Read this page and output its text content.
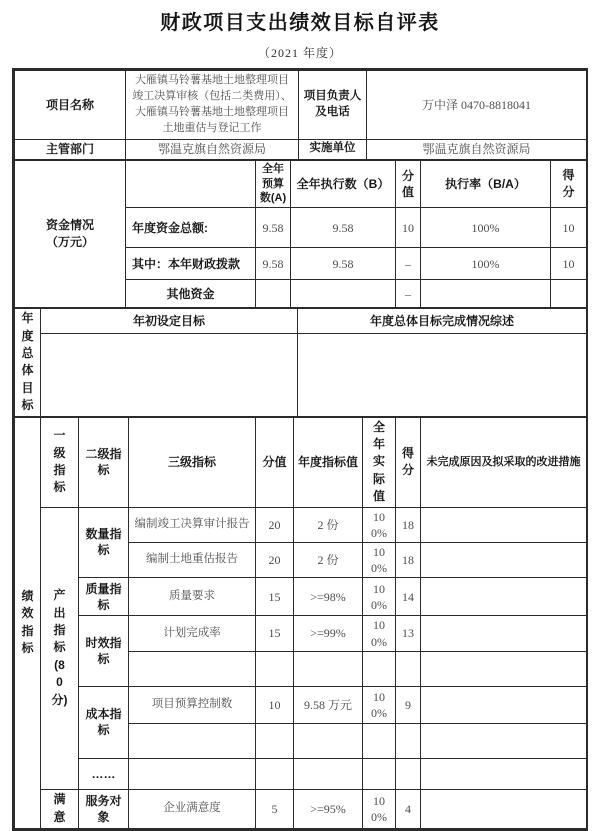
财政项目支出绩效目标自评表
（2021 年度）
项目名称	大雁镇马铃薯基地土地整理项目竣工决算审核（包括二类费用）、大雁镇马铃薯基地土地整理项目土地重估与登记工作	项目负责人及电话	万中泽 0470-8818041
主管部门	鄂温克旗自然资源局	实施单位	鄂温克旗自然资源局
资金情况（万元）		全年预算数(A)	全年执行数（B）	分值	执行率（B/A）	得分
	年度资金总额:	9.58	9.58	10	100%	10
	其中：本年财政拨款	9.58	9.58	–	100%	10
	其他资金			–		
年度总体目标	年初设定目标	年度总体目标完成情况综述

绩效指标	一级指标	二级指标	三级指标	分值	年度指标值	全年实际值	得分	未完成原因及拟采取的改进措施
	产出指标(80分)	数量指标	编制竣工决算审计报告	20	2 份	100%	18	
			编制土地重估报告	20	2 份	100%	18	
		质量指标	质量要求	15	>=98%	100%	14	
		时效指标	计划完成率	15	>=99%	100%	13	

		成本指标	项目预算控制数	10	9.58 万元	100%	9	

		……						
	满意	服务对象	企业满意度	5	>=95%	100%	4	
